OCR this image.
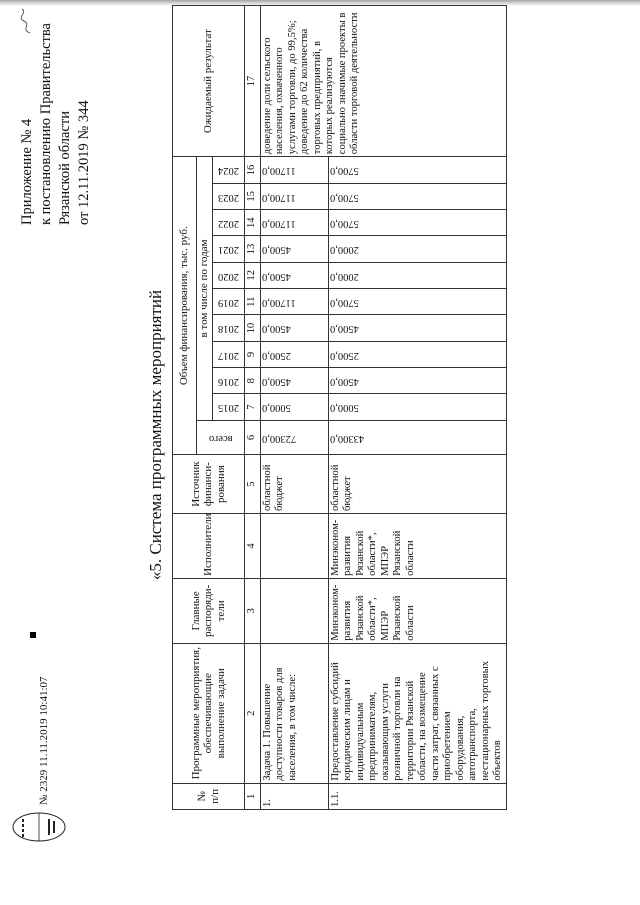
Приложение № 4 к постановлению Правительства Рязанской области от 12.11.2019 № 344
«5. Система программных мероприятий
№ п/п	Программные мероприятия, обеспечивающие выполнение задачи	Главные распоряди-тели	Исполнители	Источник финанси-рования	Объем финансирования, тыс. руб.											Ожидаемый результат

					всего	в том числе по годам										

						2015	2016	2017	2018	2019	2020	2021	2022	2023	2024	

1	2	3	4	5	6	7	8	9	10	11	12	13	14	15	16	17
1.	Задача 1. Повышение доступности товаров для населения, в том числе:			областной бюджет	72300,0	5000,0	4500,0	2500,0	4500,0	11700,0	4500,0	4500,0	11700,0	11700,0	11700,0	доведение доли сельского населения, охваченного услугами торговли, до 99,5%; доведение до 62 количества торговых предприятий, в которых реализуются социально значимые проекты в области торговой деятельности
1.1.	Предоставление субсидий юридическим лицам и индивидуальным предпринимателям, оказывающим услуги розничной торговли на территории Рязанской области, на возмещение части затрат, связанных с приобретением оборудования, автотранспорта, нестационарных торговых объектов	Минэконом-развития Рязанской области*, МПЭР Рязанской области	Минэконом-развития Рязанской области*, МПЭР Рязанской области	областной бюджет	43300,0	5000,0	4500,0	2500,0	4500,0	5700,0	2000,0	2000,0	5700,0	5700,0	5700,0	
№ 2329 11.11.2019 10:41:07
